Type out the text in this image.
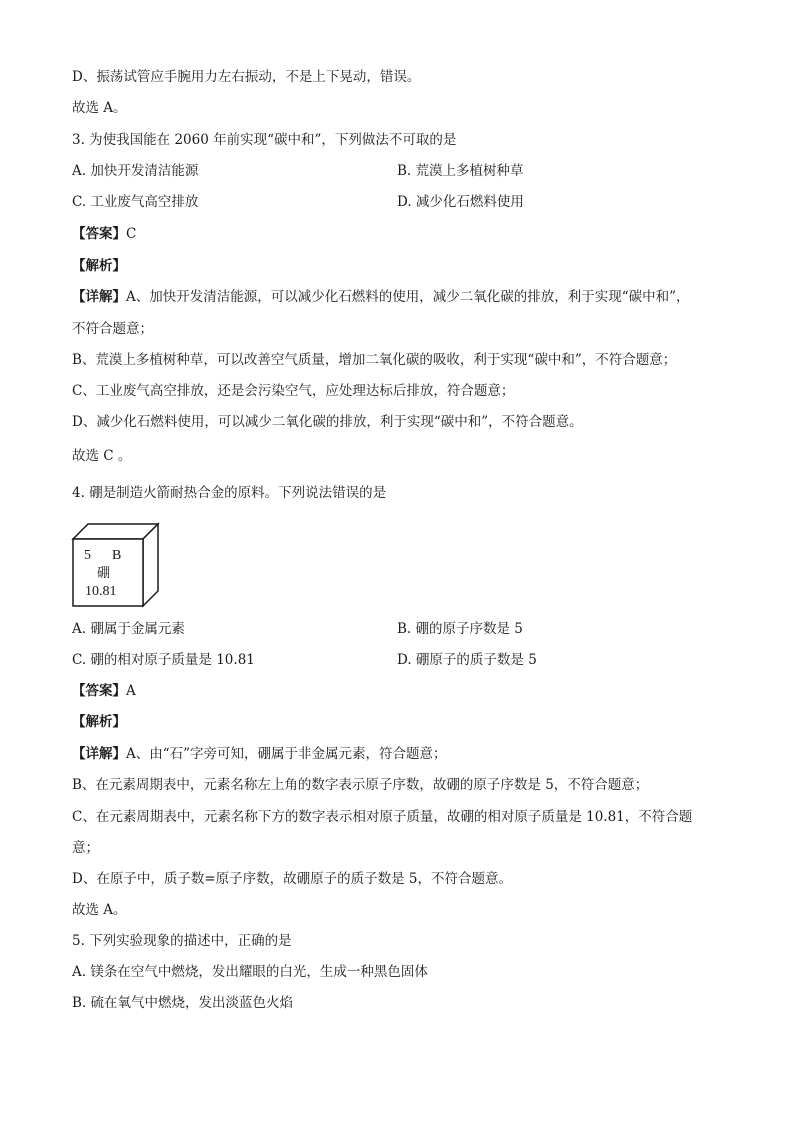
D、振荡试管应手腕用力左右振动，不是上下晃动，错误。
故选 A。
3. 为使我国能在 2060 年前实现“碳中和”，下列做法不可取的是
A. 加快开发清洁能源	B. 荒漠上多植树种草
C. 工业废气高空排放	D. 减少化石燃料使用
【答案】C
【解析】
【详解】A、加快开发清洁能源，可以减少化石燃料的使用，减少二氧化碳的排放，利于实现“碳中和”，
不符合题意；
B、荒漠上多植树种草，可以改善空气质量，增加二氧化碳的吸收，利于实现“碳中和”，不符合题意；
C、工业废气高空排放，还是会污染空气，应处理达标后排放，符合题意；
D、减少化石燃料使用，可以减少二氧化碳的排放，利于实现“碳中和”，不符合题意。
故选 C 。
4. 硼是制造火箭耐热合金的原料。下列说法错误的是
5 B
硼
10.81
A. 硼属于金属元素	B. 硼的原子序数是 5
C. 硼的相对原子质量是 10.81	D. 硼原子的质子数是 5
【答案】A
【解析】
【详解】A、由“石”字旁可知，硼属于非金属元素，符合题意；
B、在元素周期表中，元素名称左上角的数字表示原子序数，故硼的原子序数是 5，不符合题意；
C、在元素周期表中，元素名称下方的数字表示相对原子质量，故硼的相对原子质量是 10.81，不符合题
意；
D、在原子中，质子数=原子序数，故硼原子的质子数是 5，不符合题意。
故选 A。
5. 下列实验现象的描述中，正确的是
A. 镁条在空气中燃烧，发出耀眼的白光，生成一种黑色固体
B. 硫在氧气中燃烧，发出淡蓝色火焰
